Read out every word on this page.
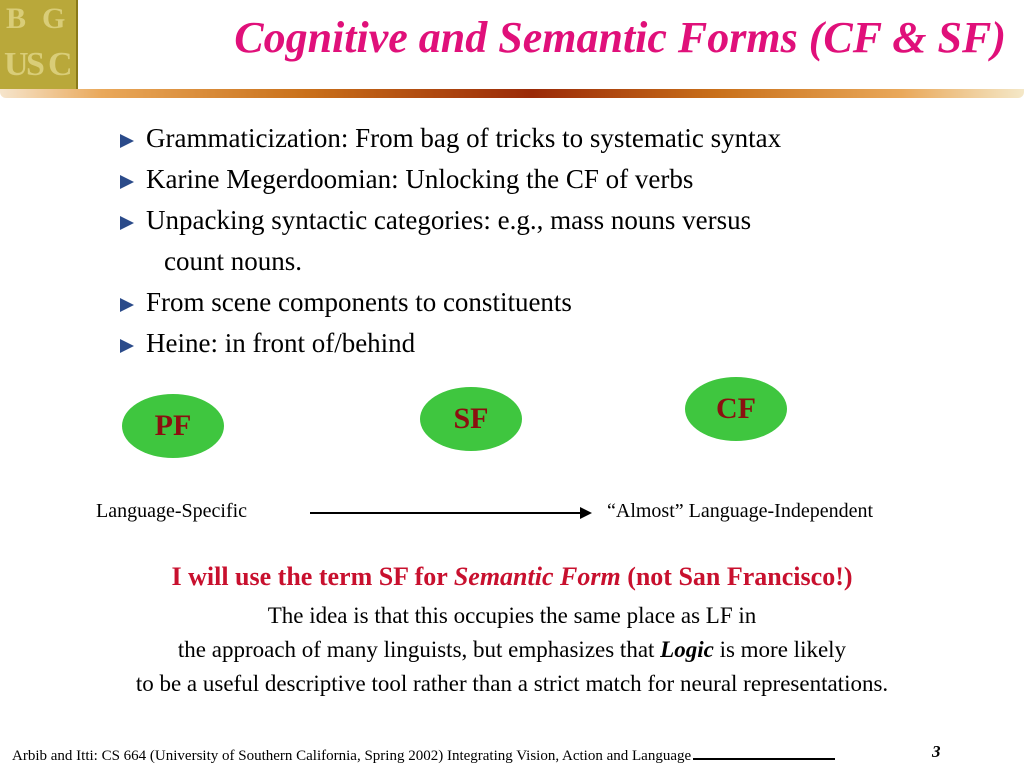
B G
U
S C
Cognitive and Semantic Forms (CF & SF)
Grammaticization: From bag of tricks to systematic syntax
Karine Megerdoomian: Unlocking the CF of verbs
Unpacking syntactic categories: e.g., mass nouns versus
count nouns.
From scene components to constituents
Heine: in front of/behind
PF	SF	CF
Language-Specific	“Almost” Language-Independent
I will use the term SF for Semantic Form (not San Francisco!)
The idea is that this occupies the same place as LF in
the approach of many linguists, but emphasizes that Logic is more likely
to be a useful descriptive tool rather than a strict match for neural representations.
Arbib and Itti: CS 664 (University of Southern California, Spring 2002) Integrating Vision, Action and Language	3
